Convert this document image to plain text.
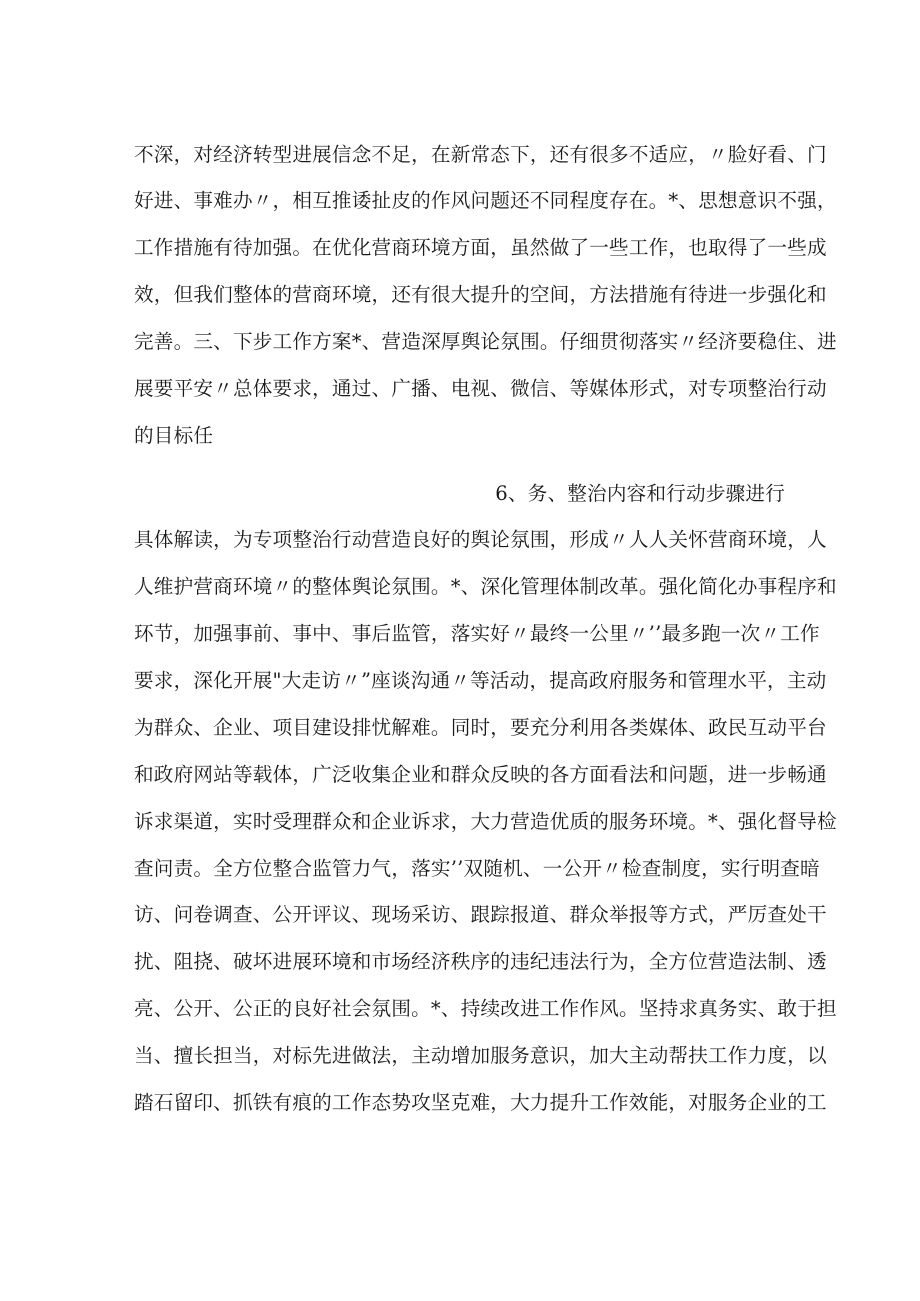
不深，对经济转型进展信念不足，在新常态下，还有很多不适应，〃脸好看、门
好进、事难办〃，相互推诿扯皮的作风问题还不同程度存在。*、思想意识不强，
工作措施有待加强。在优化营商环境方面，虽然做了一些工作，也取得了一些成
效，但我们整体的营商环境，还有很大提升的空间，方法措施有待进一步强化和
完善。三、下步工作方案*、营造深厚舆论氛围。仔细贯彻落实〃经济要稳住、进
展要平安〃总体要求，通过、广播、电视、微信、等媒体形式，对专项整治行动
的目标任
6、务、整治内容和行动步骤进行
具体解读，为专项整治行动营造良好的舆论氛围，形成〃人人关怀营商环境，人
人维护营商环境〃的整体舆论氛围。*、深化管理体制改革。强化简化办事程序和
环节，加强事前、事中、事后监管，落实好〃最终一公里〃’’最多跑一次〃工作
要求，深化开展"大走访〃”座谈沟通〃等活动，提高政府服务和管理水平，主动
为群众、企业、项目建设排忧解难。同时，要充分利用各类媒体、政民互动平台
和政府网站等载体，广泛收集企业和群众反映的各方面看法和问题，进一步畅通
诉求渠道，实时受理群众和企业诉求，大力营造优质的服务环境。*、强化督导检
查问责。全方位整合监管力气，落实’’双随机、一公开〃检查制度，实行明查暗
访、问卷调查、公开评议、现场采访、跟踪报道、群众举报等方式，严厉查处干
扰、阻挠、破坏进展环境和市场经济秩序的违纪违法行为，全方位营造法制、透
亮、公开、公正的良好社会氛围。*、持续改进工作作风。坚持求真务实、敢于担
当、擅长担当，对标先进做法，主动增加服务意识，加大主动帮扶工作力度，以
踏石留印、抓铁有痕的工作态势攻坚克难，大力提升工作效能，对服务企业的工
